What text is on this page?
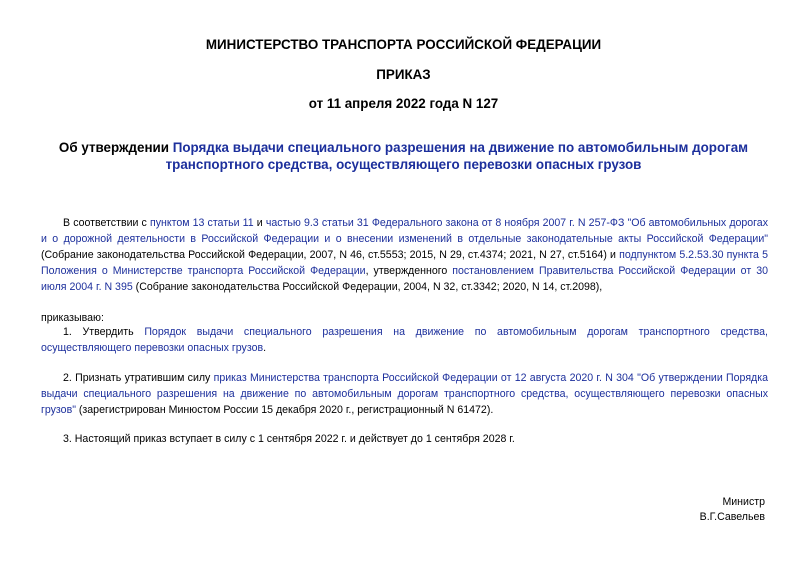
МИНИСТЕРСТВО ТРАНСПОРТА РОССИЙСКОЙ ФЕДЕРАЦИИ
ПРИКАЗ
от 11 апреля 2022 года N 127
Об утверждении Порядка выдачи специального разрешения на движение по автомобильным дорогам транспортного средства, осуществляющего перевозки опасных грузов
В соответствии с пунктом 13 статьи 11 и частью 9.3 статьи 31 Федерального закона от 8 ноября 2007 г. N 257-ФЗ "Об автомобильных дорогах и о дорожной деятельности в Российской Федерации и о внесении изменений в отдельные законодательные акты Российской Федерации" (Собрание законодательства Российской Федерации, 2007, N 46, ст.5553; 2015, N 29, ст.4374; 2021, N 27, ст.5164) и подпунктом 5.2.53.30 пункта 5 Положения о Министерстве транспорта Российской Федерации, утвержденного постановлением Правительства Российской Федерации от 30 июля 2004 г. N 395 (Собрание законодательства Российской Федерации, 2004, N 32, ст.3342; 2020, N 14, ст.2098),
приказываю:
1. Утвердить Порядок выдачи специального разрешения на движение по автомобильным дорогам транспортного средства, осуществляющего перевозки опасных грузов.
2. Признать утратившим силу приказ Министерства транспорта Российской Федерации от 12 августа 2020 г. N 304 "Об утверждении Порядка выдачи специального разрешения на движение по автомобильным дорогам транспортного средства, осуществляющего перевозки опасных грузов" (зарегистрирован Минюстом России 15 декабря 2020 г., регистрационный N 61472).
3. Настоящий приказ вступает в силу с 1 сентября 2022 г. и действует до 1 сентября 2028 г.
Министр
В.Г.Савельев
